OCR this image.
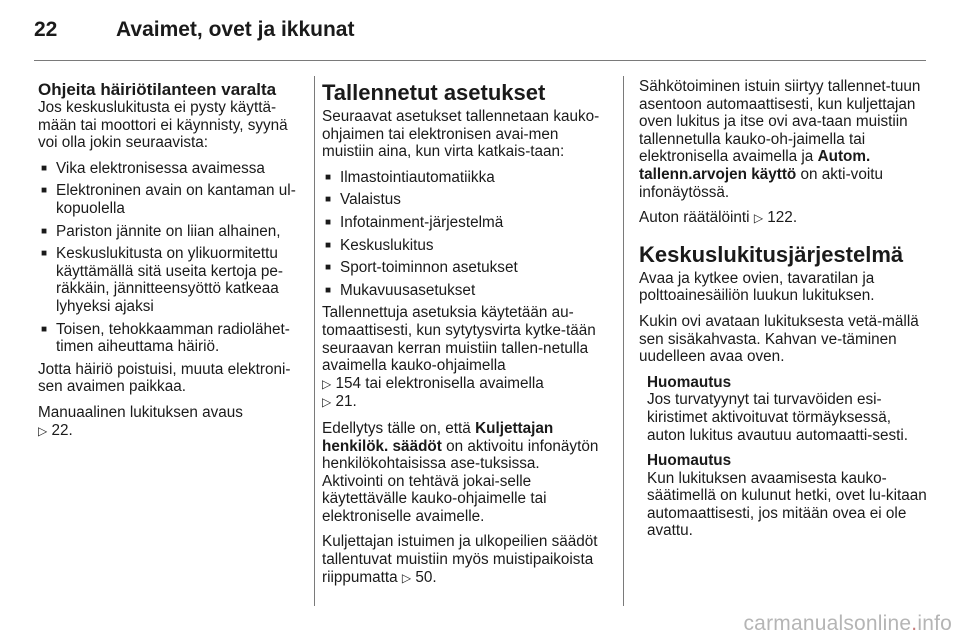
22	Avaimet, ovet ja ikkunat
Ohjeita häiriötilanteen varalta

Jos keskuslukitusta ei pysty käyttä-mään tai moottori ei käynnisty, syynä voi olla jokin seuraavista:

■ Vika elektronisessa avaimessa
■ Elektroninen avain on kantaman ul-kopuolella
■ Pariston jännite on liian alhainen,
■ Keskuslukitusta on ylikuormitettu käyttämällä sitä useita kertoja pe-räkkäin, jännitteensyöttö katkeaa lyhyeksi ajaksi
■ Toisen, tehokkaamman radiolähet-timen aiheuttama häiriö.

Jotta häiriö poistuisi, muuta elektroni-sen avaimen paikkaa.

Manuaalinen lukituksen avaus
▷ 22.

Tallennetut asetukset

Seuraavat asetukset tallennetaan kauko-ohjaimen tai elektronisen avai-men muistiin aina, kun virta katkais-taan:

■ Ilmastointiautomatiikka
■ Valaistus
■ Infotainment-järjestelmä
■ Keskuslukitus
■ Sport-toiminnon asetukset
■ Mukavuusasetukset

Tallennettuja asetuksia käytetään au-tomaattisesti, kun sytytysvirta kytke-tään seuraavan kerran muistiin tallen-netulla avaimella kauko-ohjaimella
▷ 154 tai elektronisella avaimella
▷ 21.

Edellytys tälle on, että Kuljettajan henkilök. säädöt on aktivoitu infonäytön henkilökohtaisissa ase-tuksissa. Aktivointi on tehtävä jokai-selle käytettävälle kauko-ohjaimelle tai elektroniselle avaimelle.

Kuljettajan istuimen ja ulkopeilien säädöt tallentuvat muistiin myös muistipaikoista riippumatta ▷ 50.

Sähkötoiminen istuin siirtyy tallennet-tuun asentoon automaattisesti, kun kuljettajan oven lukitus ja itse ovi ava-taan muistiin tallennetulla kauko-oh-jaimella tai elektronisella avaimella ja Autom. tallenn.arvojen käyttö on akti-voitu infonäytössä.

Auton räätälöinti ▷ 122.

Keskuslukitusjärjestelmä

Avaa ja kytkee ovien, tavaratilan ja polttoainesäiliön luukun lukituksen.

Kukin ovi avataan lukituksesta vetä-mällä sen sisäkahvasta. Kahvan ve-täminen uudelleen avaa oven.

Huomautus
Jos turvatyynyt tai turvavöiden esi-kiristimet aktivoituvat törmäyksessä, auton lukitus avautuu automaatti-sesti.
Huomautus
Kun lukituksen avaamisesta kauko-säätimellä on kulunut hetki, ovet lu-kitaan automaattisesti, jos mitään ovea ei ole avattu.
carmanualsonline.info
